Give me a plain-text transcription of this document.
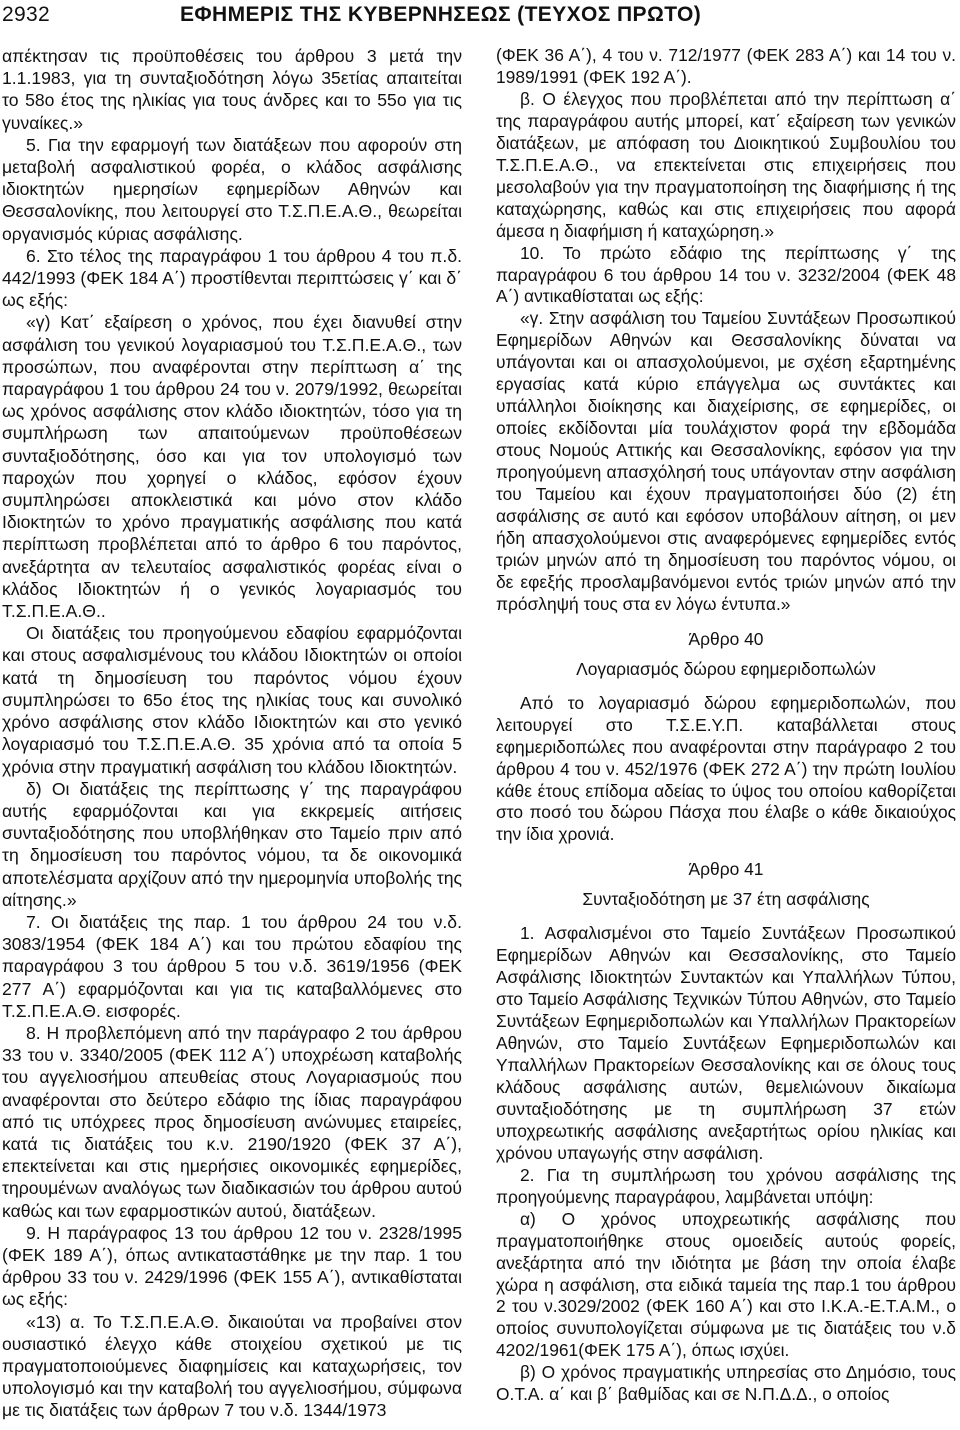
2932	ΕΦΗΜΕΡΙΣ ΤΗΣ ΚΥΒΕΡΝΗΣΕΩΣ (ΤΕΥΧΟΣ ΠΡΩΤΟ)

απέκτησαν τις προϋποθέσεις του άρθρου 3 μετά την 1.1.1983, για τη συνταξιοδότηση λόγω 35ετίας απαιτείται το 58ο έτος της ηλικίας για τους άνδρες και το 55ο για τις γυναίκες.»

5. Για την εφαρμογή των διατάξεων που αφορούν στη μεταβολή ασφαλιστικού φορέα, ο κλάδος ασφάλισης ιδιοκτητών ημερησίων εφημερίδων Αθηνών και Θεσσαλονίκης, που λειτουργεί στο Τ.Σ.Π.Ε.Α.Θ., θεωρείται οργανισμός κύριας ασφάλισης.

6. Στο τέλος της παραγράφου 1 του άρθρου 4 του π.δ. 442/1993 (ΦΕΚ 184 Α΄) προστίθενται περιπτώσεις γ΄ και δ΄ ως εξής:

«γ) Κατ΄ εξαίρεση ο χρόνος, που έχει διανυθεί στην ασφάλιση του γενικού λογαριασμού του Τ.Σ.Π.Ε.Α.Θ., των προσώπων, που αναφέρονται στην περίπτωση α΄ της παραγράφου 1 του άρθρου 24 του ν. 2079/1992, θεωρείται ως χρόνος ασφάλισης στον κλάδο ιδιοκτητών, τόσο για τη συμπλήρωση των απαιτούμενων προϋποθέσεων συνταξιοδότησης, όσο και για τον υπολογισμό των παροχών που χορηγεί ο κλάδος, εφόσον έχουν συμπληρώσει αποκλειστικά και μόνο στον κλάδο Ιδιοκτητών το χρόνο πραγματικής ασφάλισης που κατά περίπτωση προβλέπεται από το άρθρο 6 του παρόντος, ανεξάρτητα αν τελευταίος ασφαλιστικός φορέας είναι ο κλάδος Ιδιοκτητών ή ο γενικός λογαριασμός του Τ.Σ.Π.Ε.Α.Θ..

Οι διατάξεις του προηγούμενου εδαφίου εφαρμόζονται και στους ασφαλισμένους του κλάδου Ιδιοκτητών οι οποίοι κατά τη δημοσίευση του παρόντος νόμου έχουν συμπληρώσει το 65ο έτος της ηλικίας τους και συνολικό χρόνο ασφάλισης στον κλάδο Ιδιοκτητών και στο γενικό λογαριασμό του Τ.Σ.Π.Ε.Α.Θ. 35 χρόνια από τα οποία 5 χρόνια στην πραγματική ασφάλιση του κλάδου Ιδιοκτητών.

δ) Οι διατάξεις της περίπτωσης γ΄ της παραγράφου αυτής εφαρμόζονται και για εκκρεμείς αιτήσεις συνταξιοδότησης που υποβλήθηκαν στο Ταμείο πριν από τη δημοσίευση του παρόντος νόμου, τα δε οικονομικά αποτελέσματα αρχίζουν από την ημερομηνία υποβολής της αίτησης.»

7. Οι διατάξεις της παρ. 1 του άρθρου 24 του ν.δ. 3083/1954 (ΦΕΚ 184 Α΄) και του πρώτου εδαφίου της παραγράφου 3 του άρθρου 5 του ν.δ. 3619/1956 (ΦΕΚ 277 Α΄) εφαρμόζονται και για τις καταβαλλόμενες στο Τ.Σ.Π.Ε.Α.Θ. εισφορές.

8. Η προβλεπόμενη από την παράγραφο 2 του άρθρου 33 του ν. 3340/2005 (ΦΕΚ 112 Α΄) υποχρέωση καταβολής του αγγελιοσήμου απευθείας στους Λογαριασμούς που αναφέρονται στο δεύτερο εδάφιο της ίδιας παραγράφου από τις υπόχρεες προς δημοσίευση ανώνυμες εταιρείες, κατά τις διατάξεις του κ.ν. 2190/1920 (ΦΕΚ 37 Α΄), επεκτείνεται και στις ημερήσιες οικονομικές εφημερίδες, τηρουμένων αναλόγως των διαδικασιών του άρθρου αυτού καθώς και των εφαρμοστικών αυτού, διατάξεων.

9. Η παράγραφος 13 του άρθρου 12 του ν. 2328/1995 (ΦΕΚ 189 Α΄), όπως αντικαταστάθηκε με την παρ. 1 του άρθρου 33 του ν. 2429/1996 (ΦΕΚ 155 Α΄), αντικαθίσταται ως εξής:

«13) α. Το Τ.Σ.Π.Ε.Α.Θ. δικαιούται να προβαίνει στον ουσιαστικό έλεγχο κάθε στοιχείου σχετικού με τις πραγματοποιούμενες διαφημίσεις και καταχωρήσεις, τον υπολογισμό και την καταβολή του αγγελιοσήμου, σύμφωνα με τις διατάξεις των άρθρων 7 του ν.δ. 1344/1973

(ΦΕΚ 36 Α΄), 4 του ν. 712/1977 (ΦΕΚ 283 Α΄) και 14 του ν. 1989/1991 (ΦΕΚ 192 Α΄).

β. Ο έλεγχος που προβλέπεται από την περίπτωση α΄ της παραγράφου αυτής μπορεί, κατ΄ εξαίρεση των γενικών διατάξεων, με απόφαση του Διοικητικού Συμβουλίου του Τ.Σ.Π.Ε.Α.Θ., να επεκτείνεται στις επιχειρήσεις που μεσολαβούν για την πραγματοποίηση της διαφήμισης ή της καταχώρησης, καθώς και στις επιχειρήσεις που αφορά άμεσα η διαφήμιση ή καταχώρηση.»

10. Το πρώτο εδάφιο της περίπτωσης γ΄ της παραγράφου 6 του άρθρου 14 του ν. 3232/2004 (ΦΕΚ 48 Α΄) αντικαθίσταται ως εξής:

«γ. Στην ασφάλιση του Ταμείου Συντάξεων Προσωπικού Εφημερίδων Αθηνών και Θεσσαλονίκης δύναται να υπάγονται και οι απασχολούμενοι, με σχέση εξαρτημένης εργασίας κατά κύριο επάγγελμα ως συντάκτες και υπάλληλοι διοίκησης και διαχείρισης, σε εφημερίδες, οι οποίες εκδίδονται μία τουλάχιστον φορά την εβδομάδα στους Νομούς Αττικής και Θεσσαλονίκης, εφόσον για την προηγούμενη απασχόλησή τους υπάγονταν στην ασφάλιση του Ταμείου και έχουν πραγματοποιήσει δύο (2) έτη ασφάλισης σε αυτό και εφόσον υποβάλουν αίτηση, οι μεν ήδη απασχολούμενοι στις αναφερόμενες εφημερίδες εντός τριών μηνών από τη δημοσίευση του παρόντος νόμου, οι δε εφεξής προσλαμβανόμενοι εντός τριών μηνών από την πρόσληψή τους στα εν λόγω έντυπα.»

Άρθρο 40

Λογαριασμός δώρου εφημεριδοπωλών

Από το λογαριασμό δώρου εφημεριδοπωλών, που λειτουργεί στο Τ.Σ.Ε.Υ.Π. καταβάλλεται στους εφημεριδοπώλες που αναφέρονται στην παράγραφο 2 του άρθρου 4 του ν. 452/1976 (ΦΕΚ 272 Α΄) την πρώτη Ιουλίου κάθε έτους επίδομα αδείας το ύψος του οποίου καθορίζεται στο ποσό του δώρου Πάσχα που έλαβε ο κάθε δικαιούχος την ίδια χρονιά.

Άρθρο 41

Συνταξιοδότηση με 37 έτη ασφάλισης

1. Ασφαλισμένοι στο Ταμείο Συντάξεων Προσωπικού Εφημερίδων Αθηνών και Θεσσαλονίκης, στο Ταμείο Ασφάλισης Ιδιοκτητών Συντακτών και Υπαλλήλων Τύπου, στο Ταμείο Ασφάλισης Τεχνικών Τύπου Αθηνών, στο Ταμείο Συντάξεων Εφημεριδοπωλών και Υπαλλήλων Πρακτορείων Αθηνών, στο Ταμείο Συντάξεων Εφημεριδοπωλών και Υπαλλήλων Πρακτορείων Θεσσαλονίκης και σε όλους τους κλάδους ασφάλισης αυτών, θεμελιώνουν δικαίωμα συνταξιοδότησης με τη συμπλήρωση 37 ετών υποχρεωτικής ασφάλισης ανεξαρτήτως ορίου ηλικίας και χρόνου υπαγωγής στην ασφάλιση.

2. Για τη συμπλήρωση του χρόνου ασφάλισης της προηγούμενης παραγράφου, λαμβάνεται υπόψη:

α) Ο χρόνος υποχρεωτικής ασφάλισης που πραγματοποιήθηκε στους ομοειδείς αυτούς φορείς, ανεξάρτητα από την ιδιότητα με βάση την οποία έλαβε χώρα η ασφάλιση, στα ειδικά ταμεία της παρ.1 του άρθρου 2 του ν.3029/2002 (ΦΕΚ 160 Α΄) και στο Ι.Κ.Α.-Ε.Τ.Α.Μ., ο οποίος συνυπολογίζεται σύμφωνα με τις διατάξεις του ν.δ 4202/1961(ΦΕΚ 175 Α΄), όπως ισχύει.

β) Ο χρόνος πραγματικής υπηρεσίας στο Δημόσιο, τους Ο.Τ.Α. α΄ και β΄ βαθμίδας και σε Ν.Π.Δ.Δ., ο οποίος
